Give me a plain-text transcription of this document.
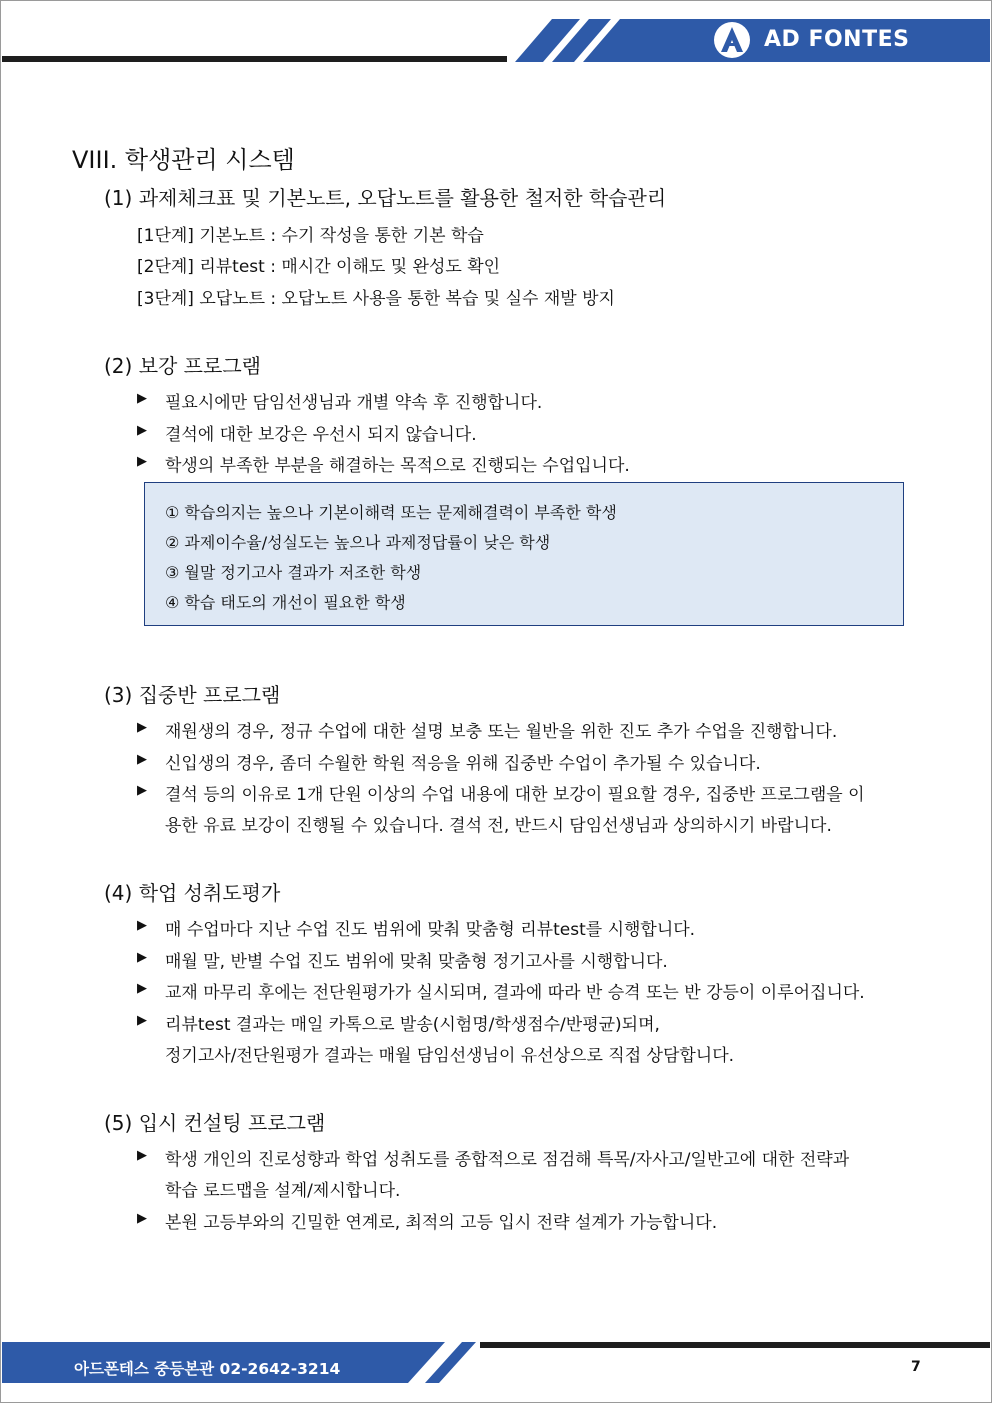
AD FONTES
VIII. 학생관리 시스템
(1) 과제체크표 및 기본노트, 오답노트를 활용한 철저한 학습관리
[1단계] 기본노트 : 수기 작성을 통한 기본 학습
[2단계] 리뷰test : 매시간 이해도 및 완성도 확인
[3단계] 오답노트 : 오답노트 사용을 통한 복습 및 실수 재발 방지
(2) 보강 프로그램
▶ 필요시에만 담임선생님과 개별 약속 후 진행합니다.
▶ 결석에 대한 보강은 우선시 되지 않습니다.
▶ 학생의 부족한 부분을 해결하는 목적으로 진행되는 수업입니다.
① 학습의지는 높으나 기본이해력 또는 문제해결력이 부족한 학생
② 과제이수율/성실도는 높으나 과제정답률이 낮은 학생
③ 월말 정기고사 결과가 저조한 학생
④ 학습 태도의 개선이 필요한 학생
(3) 집중반 프로그램
▶ 재원생의 경우, 정규 수업에 대한 설명 보충 또는 월반을 위한 진도 추가 수업을 진행합니다.
▶ 신입생의 경우, 좀더 수월한 학원 적응을 위해 집중반 수업이 추가될 수 있습니다.
▶ 결석 등의 이유로 1개 단원 이상의 수업 내용에 대한 보강이 필요할 경우, 집중반 프로그램을 이
용한 유료 보강이 진행될 수 있습니다. 결석 전, 반드시 담임선생님과 상의하시기 바랍니다.
(4) 학업 성취도평가
▶ 매 수업마다 지난 수업 진도 범위에 맞춰 맞춤형 리뷰test를 시행합니다.
▶ 매월 말, 반별 수업 진도 범위에 맞춰 맞춤형 정기고사를 시행합니다.
▶ 교재 마무리 후에는 전단원평가가 실시되며, 결과에 따라 반 승격 또는 반 강등이 이루어집니다.
▶ 리뷰test 결과는 매일 카톡으로 발송(시험명/학생점수/반평균)되며,
정기고사/전단원평가 결과는 매월 담임선생님이 유선상으로 직접 상담합니다.
(5) 입시 컨설팅 프로그램
▶ 학생 개인의 진로성향과 학업 성취도를 종합적으로 점검해 특목/자사고/일반고에 대한 전략과
학습 로드맵을 설계/제시합니다.
▶ 본원 고등부와의 긴밀한 연계로, 최적의 고등 입시 전략 설계가 가능합니다.
아드폰테스 중등본관 02-2642-3214	7
